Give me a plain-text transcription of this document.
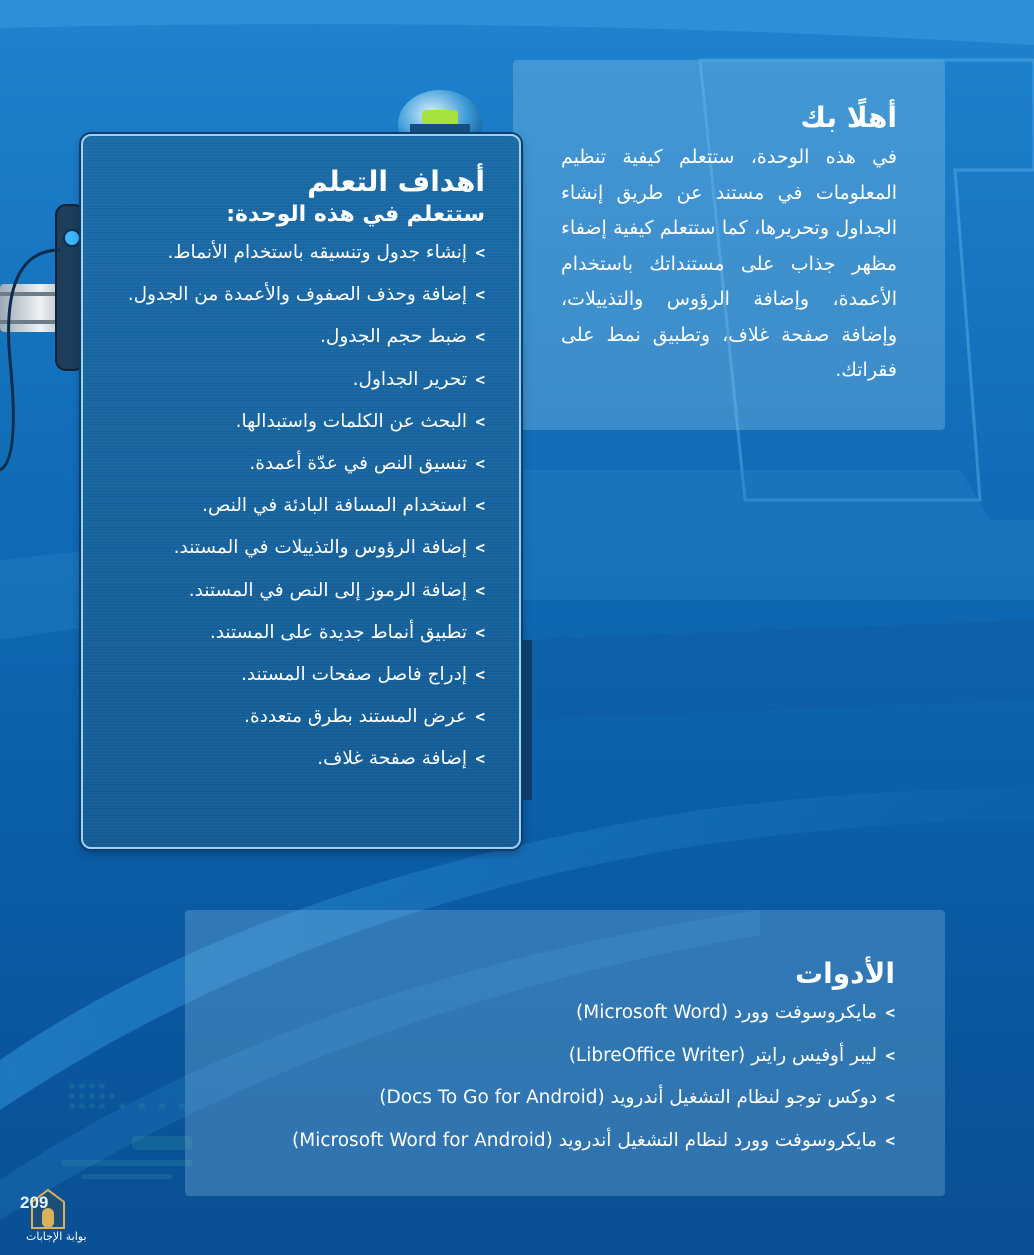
أهلًا بك

في هذه الوحدة، ستتعلم كيفية تنظيم المعلومات في مستند عن طريق إنشاء الجداول وتحريرها، كما ستتعلم كيفية إضفاء مظهر جذاب على مستنداتك باستخدام الأعمدة، وإضافة الرؤوس والتذييلات، وإضافة صفحة غلاف، وتطبيق نمط على فقراتك.

أهداف التعلم

ستتعلم في هذه الوحدة:

>
إنشاء جدول وتنسيقه باستخدام الأنماط.
>
إضافة وحذف الصفوف والأعمدة من الجدول.
>
ضبط حجم الجدول.
>
تحرير الجداول.
>
البحث عن الكلمات واستبدالها.
>
تنسيق النص في عدّة أعمدة.
>
استخدام المسافة البادئة في النص.
>
إضافة الرؤوس والتذييلات في المستند.
>
إضافة الرموز إلى النص في المستند.
>
تطبيق أنماط جديدة على المستند.
>
إدراج فاصل صفحات المستند.
>
عرض المستند بطرق متعددة.
>
إضافة صفحة غلاف.
الأدوات
>
مايكروسوفت وورد (Microsoft Word)
>
ليبر أوفيس رايتر (LibreOffice Writer)
>
دوكس توجو لنظام التشغيل أندرويد (Docs To Go for Android)
>
مايكروسوفت وورد لنظام التشغيل أندرويد (Microsoft Word for Android)
209
بوابة الإجابات
